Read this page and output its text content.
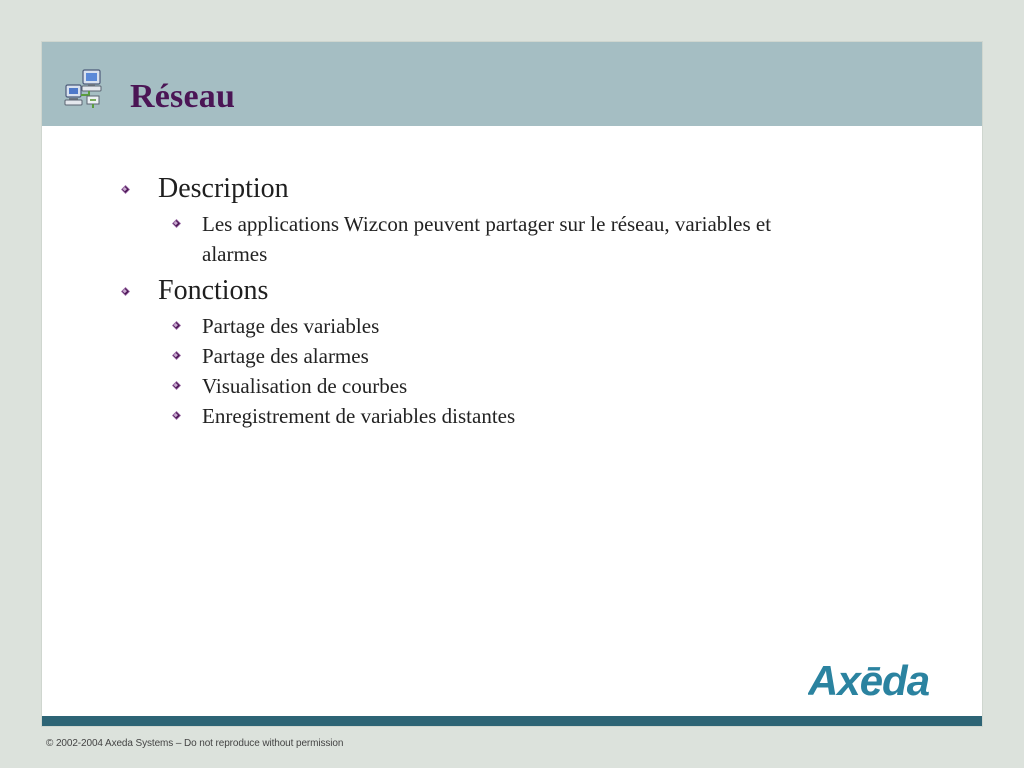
Réseau

Description

Les applications Wizcon peuvent partager sur le réseau, variables et alarmes

Fonctions

Partage des variables
Partage des alarmes
Visualisation de courbes
Enregistrement de variables distantes
Axēda

© 2002-2004 Axeda Systems – Do not reproduce without permission
